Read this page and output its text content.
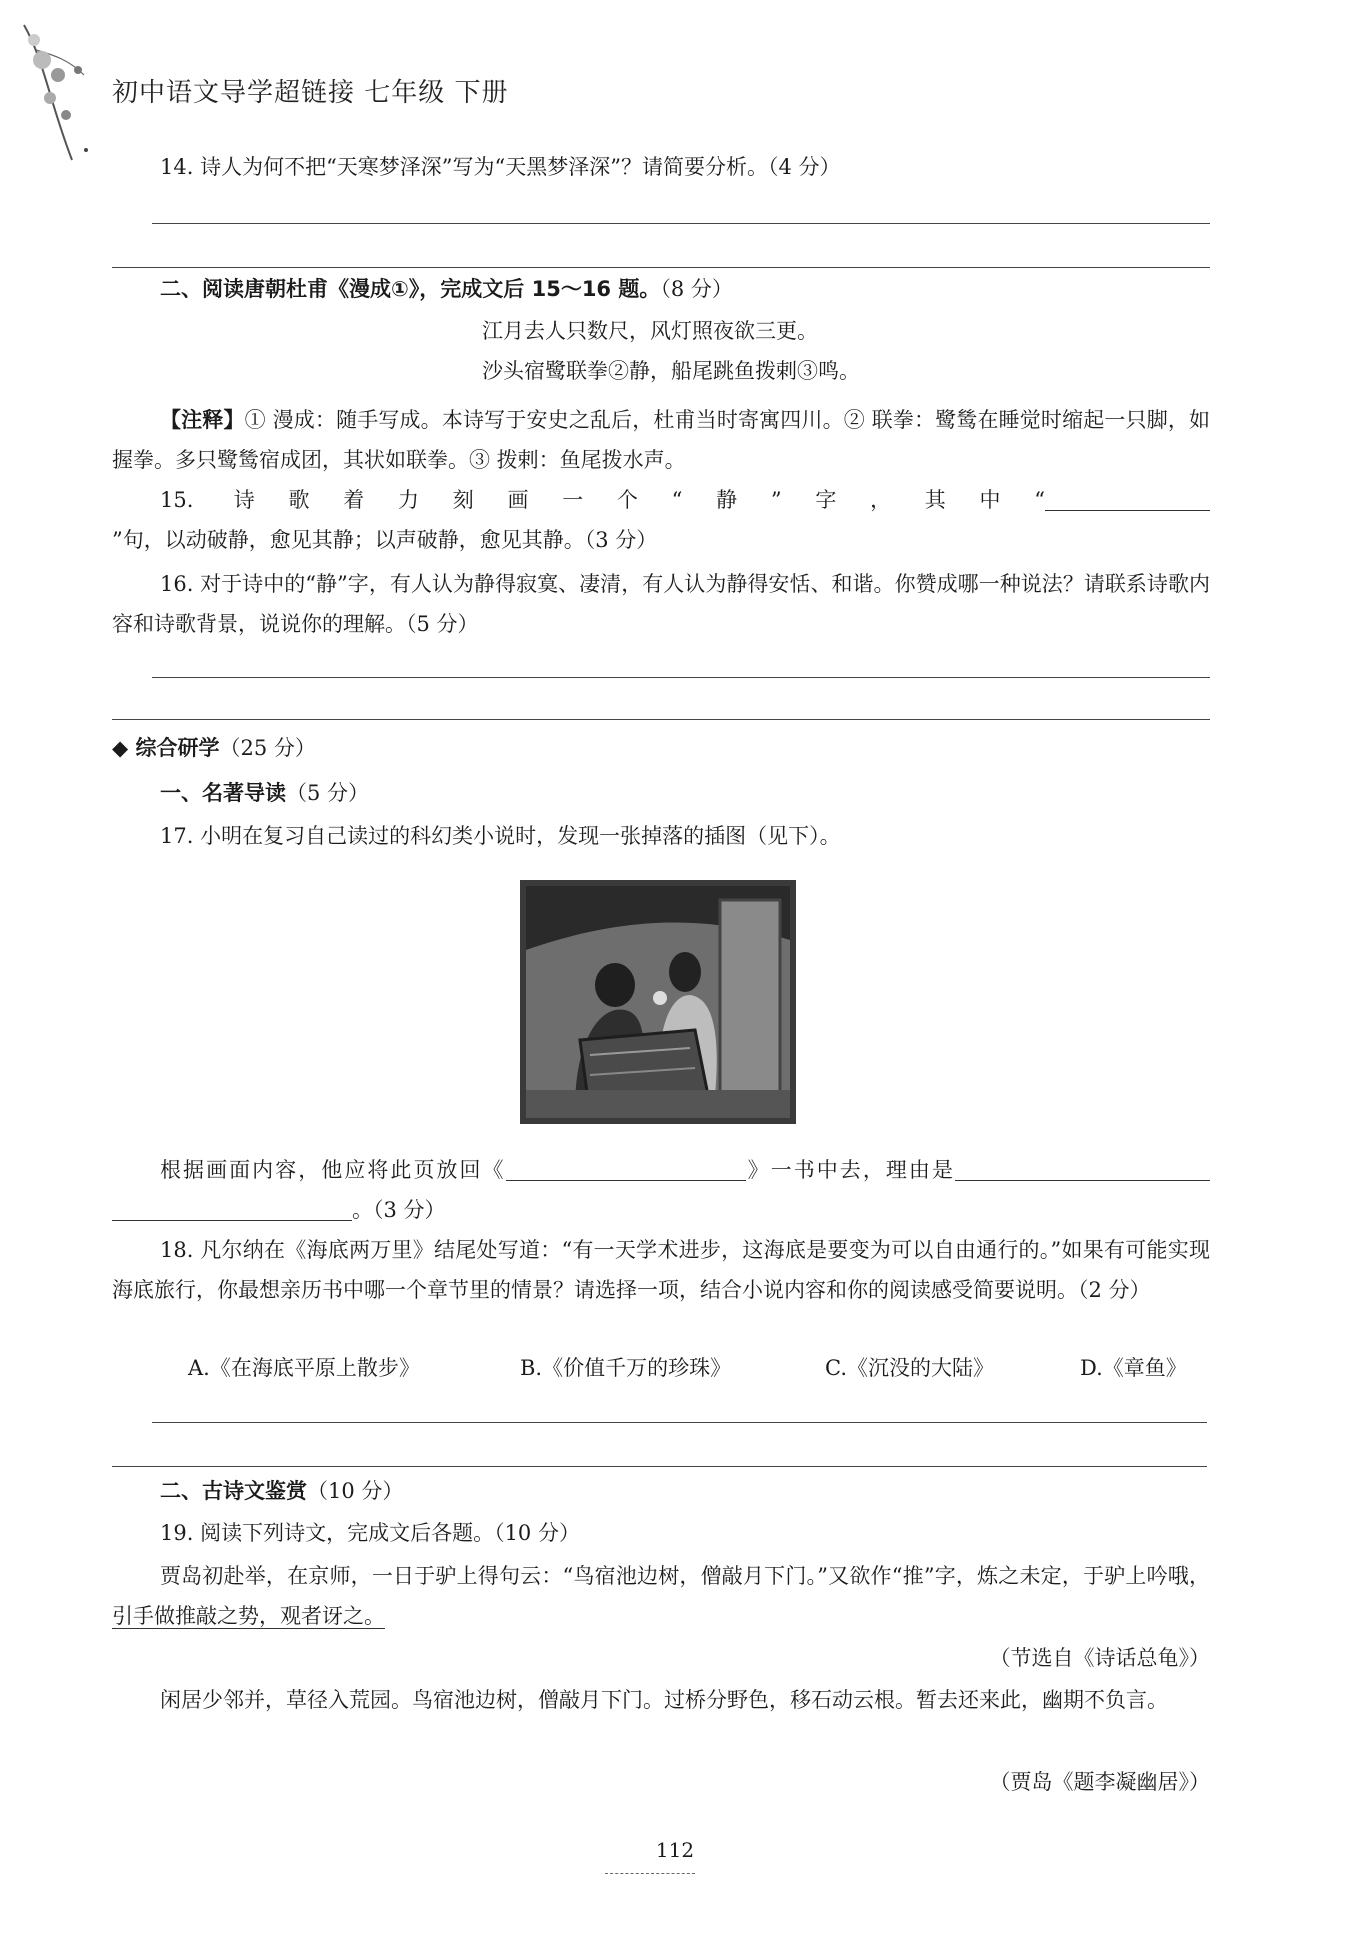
初中语文导学超链接 七年级 下册
14. 诗人为何不把“天寒梦泽深”写为“天黑梦泽深”？请简要分析。（4 分）
二、阅读唐朝杜甫《漫成①》，完成文后 15～16 题。（8 分）
江月去人只数尺，风灯照夜欲三更。
沙头宿鹭联拳②静，船尾跳鱼拨剌③鸣。
【注释】① 漫成：随手写成。本诗写于安史之乱后，杜甫当时寄寓四川。② 联拳：鹭鸶在睡觉时缩起一只脚，如握拳。多只鹭鸶宿成团，其状如联拳。③ 拨剌：鱼尾拨水声。
15. 诗歌着力刻画一个“静”字，其中“”句，以动破静，愈见其静；以声破静，愈见其静。（3 分）
16. 对于诗中的“静”字，有人认为静得寂寞、凄清，有人认为静得安恬、和谐。你赞成哪一种说法？请联系诗歌内容和诗歌背景，说说你的理解。（5 分）
◆ 综合研学（25 分）
一、名著导读（5 分）
17. 小明在复习自己读过的科幻类小说时，发现一张掉落的插图（见下）。
根据画面内容，他应将此页放回《	》一书中去，理由是。（3 分）
18. 凡尔纳在《海底两万里》结尾处写道：“有一天学术进步，这海底是要变为可以自由通行的。”如果有可能实现海底旅行，你最想亲历书中哪一个章节里的情景？请选择一项，结合小说内容和你的阅读感受简要说明。（2 分）
A.《在海底平原上散步》	B.《价值千万的珍珠》	C.《沉没的大陆》	D.《章鱼》
二、古诗文鉴赏（10 分）
19. 阅读下列诗文，完成文后各题。（10 分）
贾岛初赴举，在京师，一日于驴上得句云：“鸟宿池边树，僧敲月下门。”又欲作“推”字，炼之未定，于驴上吟哦，引手做推敲之势，观者讶之。
（节选自《诗话总龟》）
闲居少邻并，草径入荒园。鸟宿池边树，僧敲月下门。过桥分野色，移石动云根。暂去还来此，幽期不负言。
（贾岛《题李凝幽居》）
112
